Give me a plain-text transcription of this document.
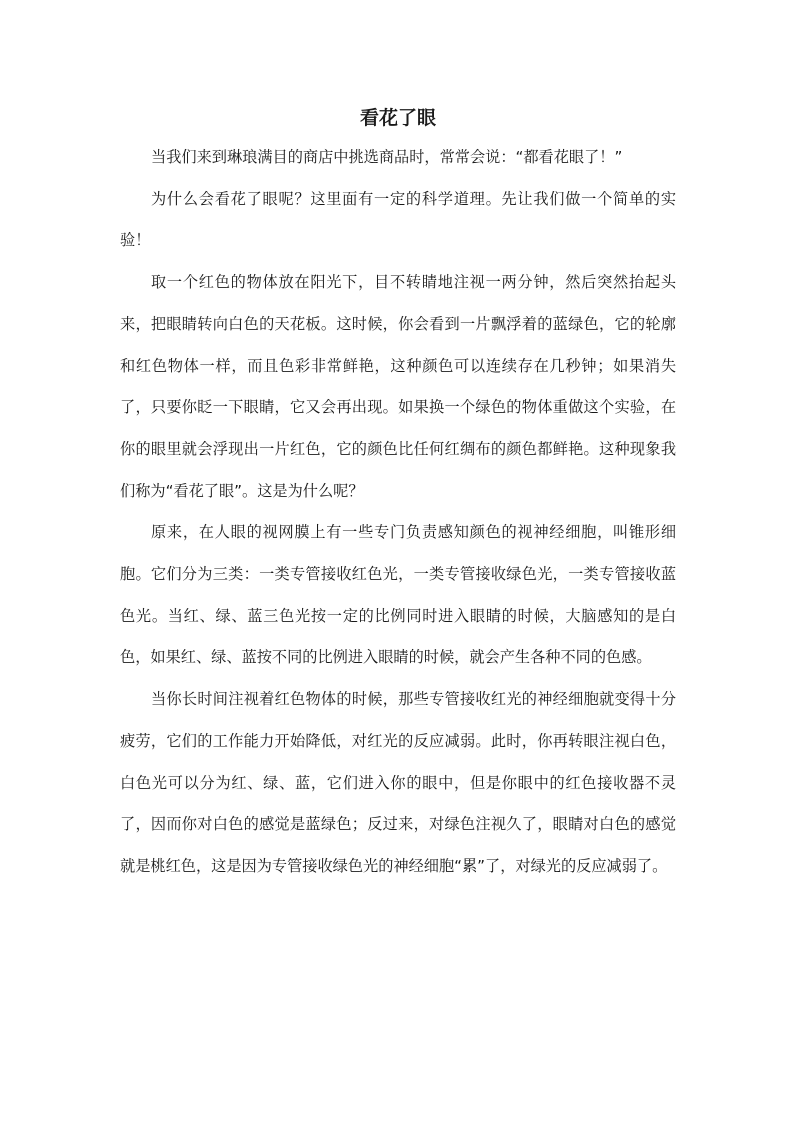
看花了眼

当我们来到琳琅满目的商店中挑选商品时，常常会说：“都看花眼了！”

为什么会看花了眼呢？这里面有一定的科学道理。先让我们做一个简单的实验！

取一个红色的物体放在阳光下，目不转睛地注视一两分钟，然后突然抬起头来，把眼睛转向白色的天花板。这时候，你会看到一片飘浮着的蓝绿色，它的轮廓和红色物体一样，而且色彩非常鲜艳，这种颜色可以连续存在几秒钟；如果消失了，只要你眨一下眼睛，它又会再出现。如果换一个绿色的物体重做这个实验，在你的眼里就会浮现出一片红色，它的颜色比任何红绸布的颜色都鲜艳。这种现象我们称为“看花了眼”。这是为什么呢？

原来，在人眼的视网膜上有一些专门负责感知颜色的视神经细胞，叫锥形细胞。它们分为三类：一类专管接收红色光，一类专管接收绿色光，一类专管接收蓝色光。当红、绿、蓝三色光按一定的比例同时进入眼睛的时候，大脑感知的是白色，如果红、绿、蓝按不同的比例进入眼睛的时候，就会产生各种不同的色感。

当你长时间注视着红色物体的时候，那些专管接收红光的神经细胞就变得十分疲劳，它们的工作能力开始降低，对红光的反应减弱。此时，你再转眼注视白色，白色光可以分为红、绿、蓝，它们进入你的眼中，但是你眼中的红色接收器不灵了，因而你对白色的感觉是蓝绿色；反过来，对绿色注视久了，眼睛对白色的感觉就是桃红色，这是因为专管接收绿色光的神经细胞“累”了，对绿光的反应减弱了。
